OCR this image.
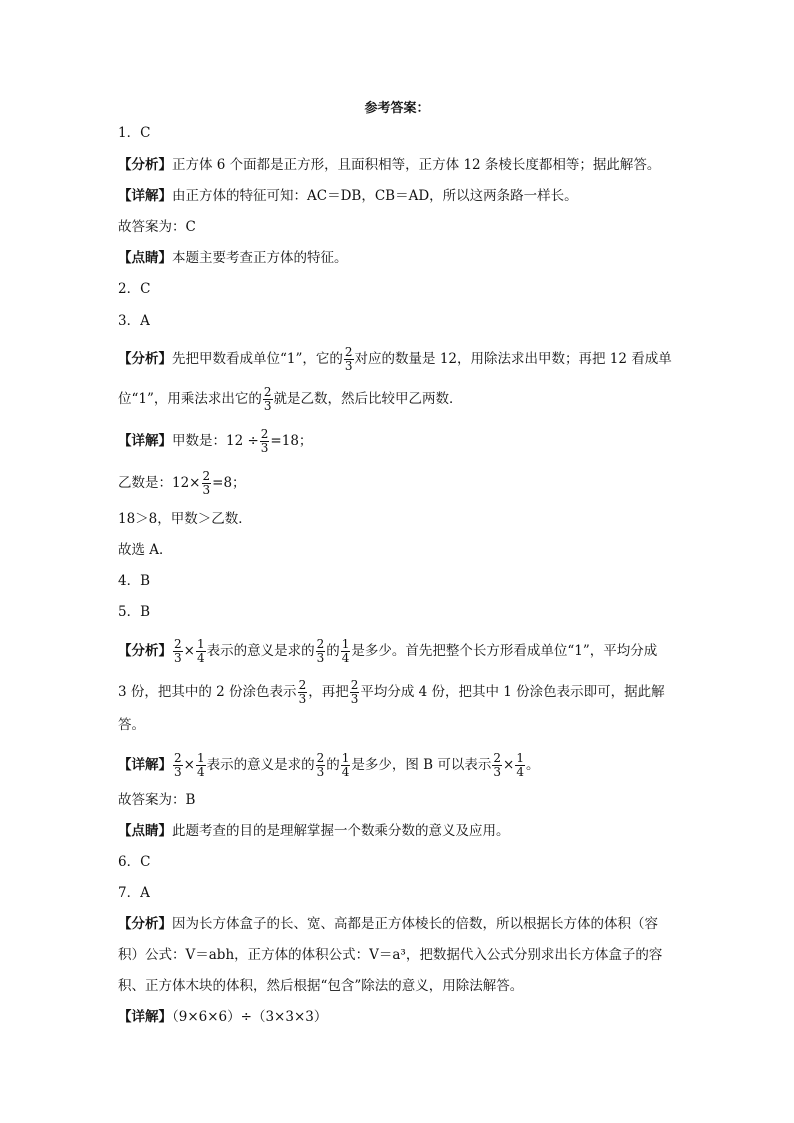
参考答案：
1．C
【分析】正方体 6 个面都是正方形，且面积相等，正方体 12 条棱长度都相等；据此解答。
【详解】由正方体的特征可知：AC＝DB，CB＝AD，所以这两条路一样长。
故答案为：C
【点睛】本题主要考查正方体的特征。
2．C
3．A
【分析】先把甲数看成单位“1”，它的 $\frac{2}{3}$ 对应的数量是 12，用除法求出甲数；再把 12 看成单
位“1”，用乘法求出它的 $\frac{2}{3}$ 就是乙数，然后比较甲乙两数．
【详解】甲数是：$12 \div \frac{2}{3} =18$；
乙数是：$12\times \frac{2}{3} =8$；
18＞8，甲数＞乙数．
故选 A．
4．B
5．B
【分析】 $\frac{2}{3} \times \frac{1}{4}$ 表示的意义是求的 $\frac{2}{3}$ 的 $\frac{1}{4}$ 是多少。首先把整个长方形看成单位“1”，平均分成
3 份，把其中的 2 份涂色表示 $\frac{2}{3}$ ，再把 $\frac{2}{3}$ 平均分成 4 份，把其中 1 份涂色表示即可，据此解
答。
【详解】 $\frac{2}{3} \times \frac{1}{4}$ 表示的意义是求的 $\frac{2}{3}$ 的 $\frac{1}{4}$ 是多少，图 B 可以表示 $\frac{2}{3} \times \frac{1}{4}$ 。
故答案为：B
【点睛】此题考查的目的是理解掌握一个数乘分数的意义及应用。
6．C
7．A
【分析】因为长方体盒子的长、宽、高都是正方体棱长的倍数，所以根据长方体的体积（容
积）公式：V＝abh，正方体的体积公式：V＝a³，把数据代入公式分别求出长方体盒子的容
积、正方体木块的体积，然后根据“包含”除法的意义，用除法解答。
【详解】（9×6×6）÷（3×3×3）
